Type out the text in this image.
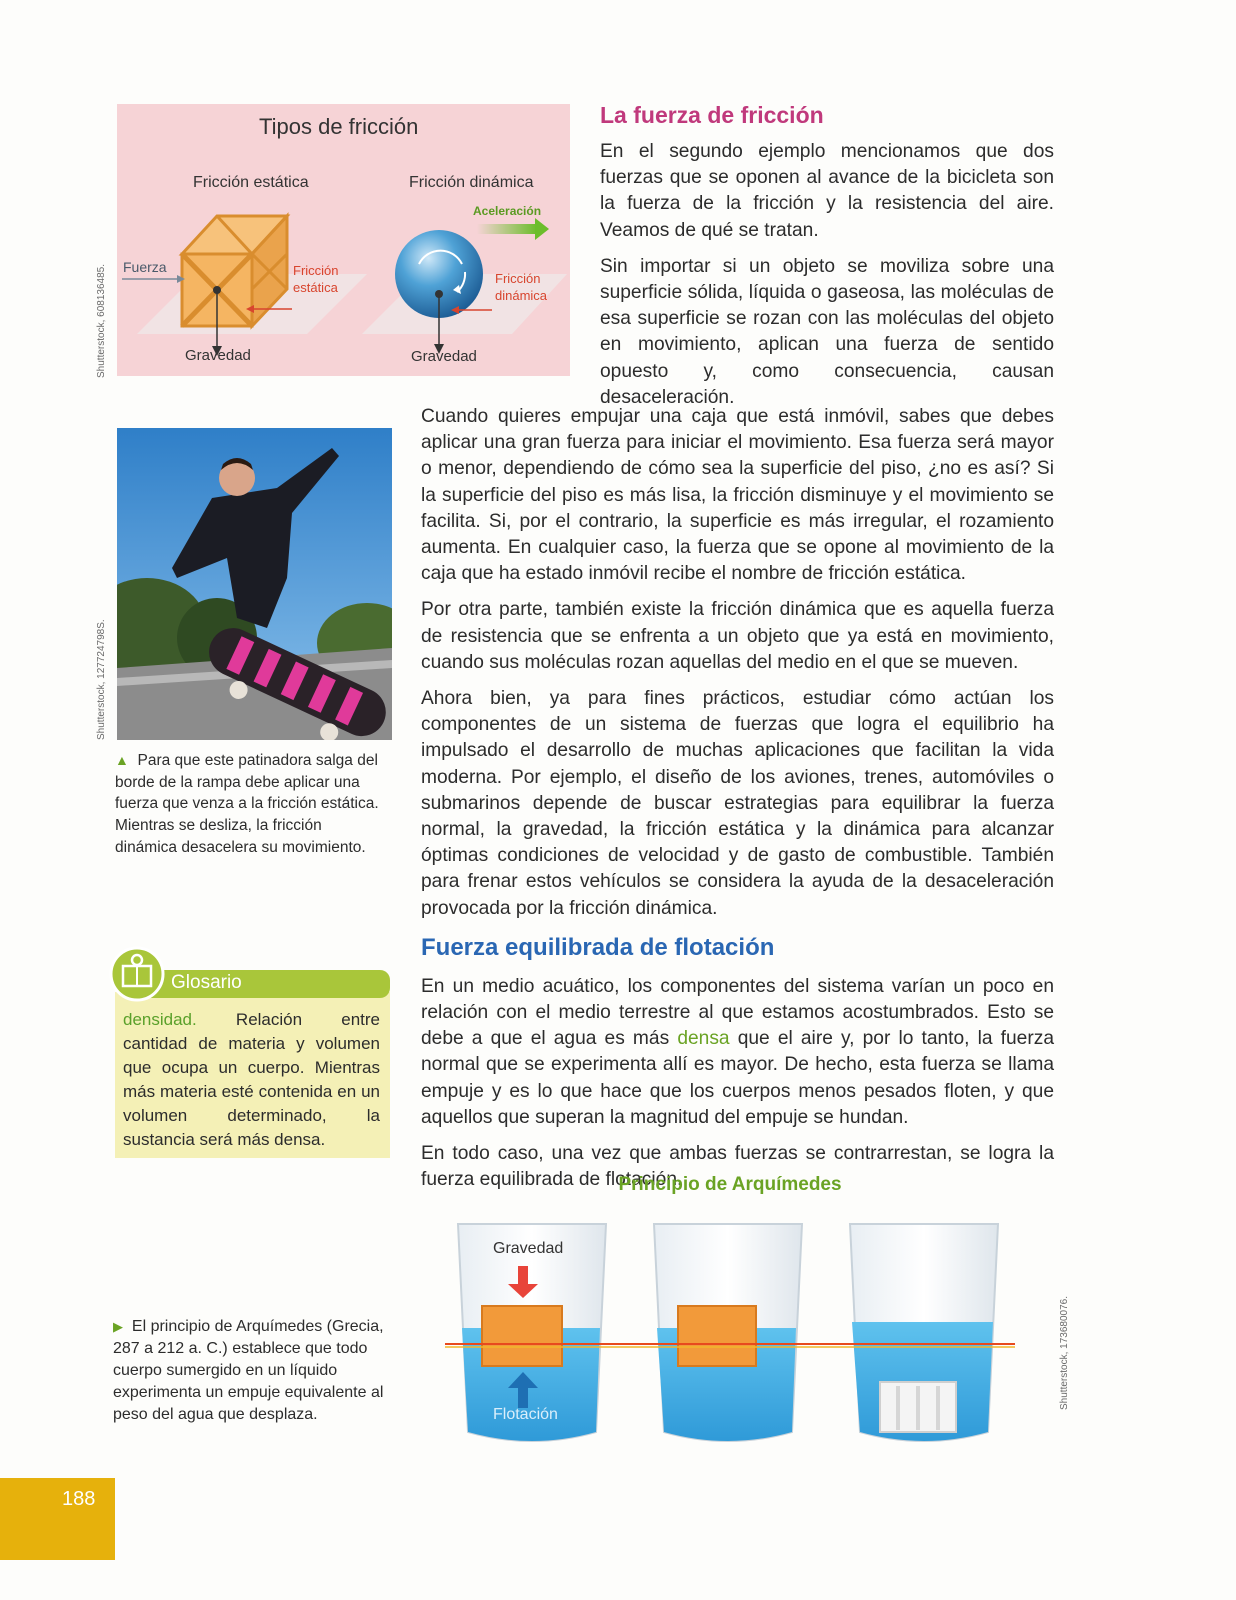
Tipos de fricción
Fricción estática	Fricción dinámica
Fuerza	Fricción estática
Gravedad
Aceleración
Fricción dinámica
Gravedad
Shutterstock, 608136485.
Shutterstock, 127724798S.

▲ Para que este patinadora salga del borde de la rampa debe aplicar una fuerza que venza a la fricción estática. Mientras se desliza, la fricción dinámica desacelera su movimiento.

densidad. Relación entre cantidad de materia y volumen que ocupa un cuerpo. Mientras más materia esté contenida en un volumen determinado, la sustancia será más densa.

Glosario

▶ El principio de Arquímedes (Grecia, 287 a 212 a. C.) establece que todo cuerpo sumergido en un líquido experimenta un empuje equivalente al peso del agua que desplaza.

188
La fuerza de fricción

En el segundo ejemplo mencionamos que dos fuerzas que se oponen al avance de la bicicleta son la fuerza de la fricción y la resistencia del aire. Veamos de qué se tratan.

Sin importar si un objeto se moviliza sobre una superficie sólida, líquida o gaseosa, las moléculas de esa superficie se rozan con las moléculas del objeto en movimiento, aplican una fuerza de sentido opuesto y, como consecuencia, causan desaceleración.

Cuando quieres empujar una caja que está inmóvil, sabes que debes aplicar una gran fuerza para iniciar el movimiento. Esa fuerza será mayor o menor, dependiendo de cómo sea la superficie del piso, ¿no es así? Si la superficie del piso es más lisa, la fricción disminuye y el movimiento se facilita. Si, por el contrario, la superficie es más irregular, el rozamiento aumenta. En cualquier caso, la fuerza que se opone al movimiento de la caja que ha estado inmóvil recibe el nombre de fricción estática.

Por otra parte, también existe la fricción dinámica que es aquella fuerza de resistencia que se enfrenta a un objeto que ya está en movimiento, cuando sus moléculas rozan aquellas del medio en el que se mueven.

Ahora bien, ya para fines prácticos, estudiar cómo actúan los componentes de un sistema de fuerzas que logra el equilibrio ha impulsado el desarrollo de muchas aplicaciones que facilitan la vida moderna. Por ejemplo, el diseño de los aviones, trenes, automóviles o submarinos depende de buscar estrategias para equilibrar la fuerza normal, la gravedad, la fricción estática y la dinámica para alcanzar óptimas condiciones de velocidad y de gasto de combustible. También para frenar estos vehículos se considera la ayuda de la desaceleración provocada por la fricción dinámica.

Fuerza equilibrada de flotación

En un medio acuático, los componentes del sistema varían un poco en relación con el medio terrestre al que estamos acostumbrados. Esto se debe a que el agua es más densa que el aire y, por lo tanto, la fuerza normal que se experimenta allí es mayor. De hecho, esta fuerza se llama empuje y es lo que hace que los cuerpos menos pesados floten, y que aquellos que superan la magnitud del empuje se hundan.

En todo caso, una vez que ambas fuerzas se contrarrestan, se logra la fuerza equilibrada de flotación.

Principio de Arquímedes
Gravedad
Flotación
Shutterstock, 173680076.
